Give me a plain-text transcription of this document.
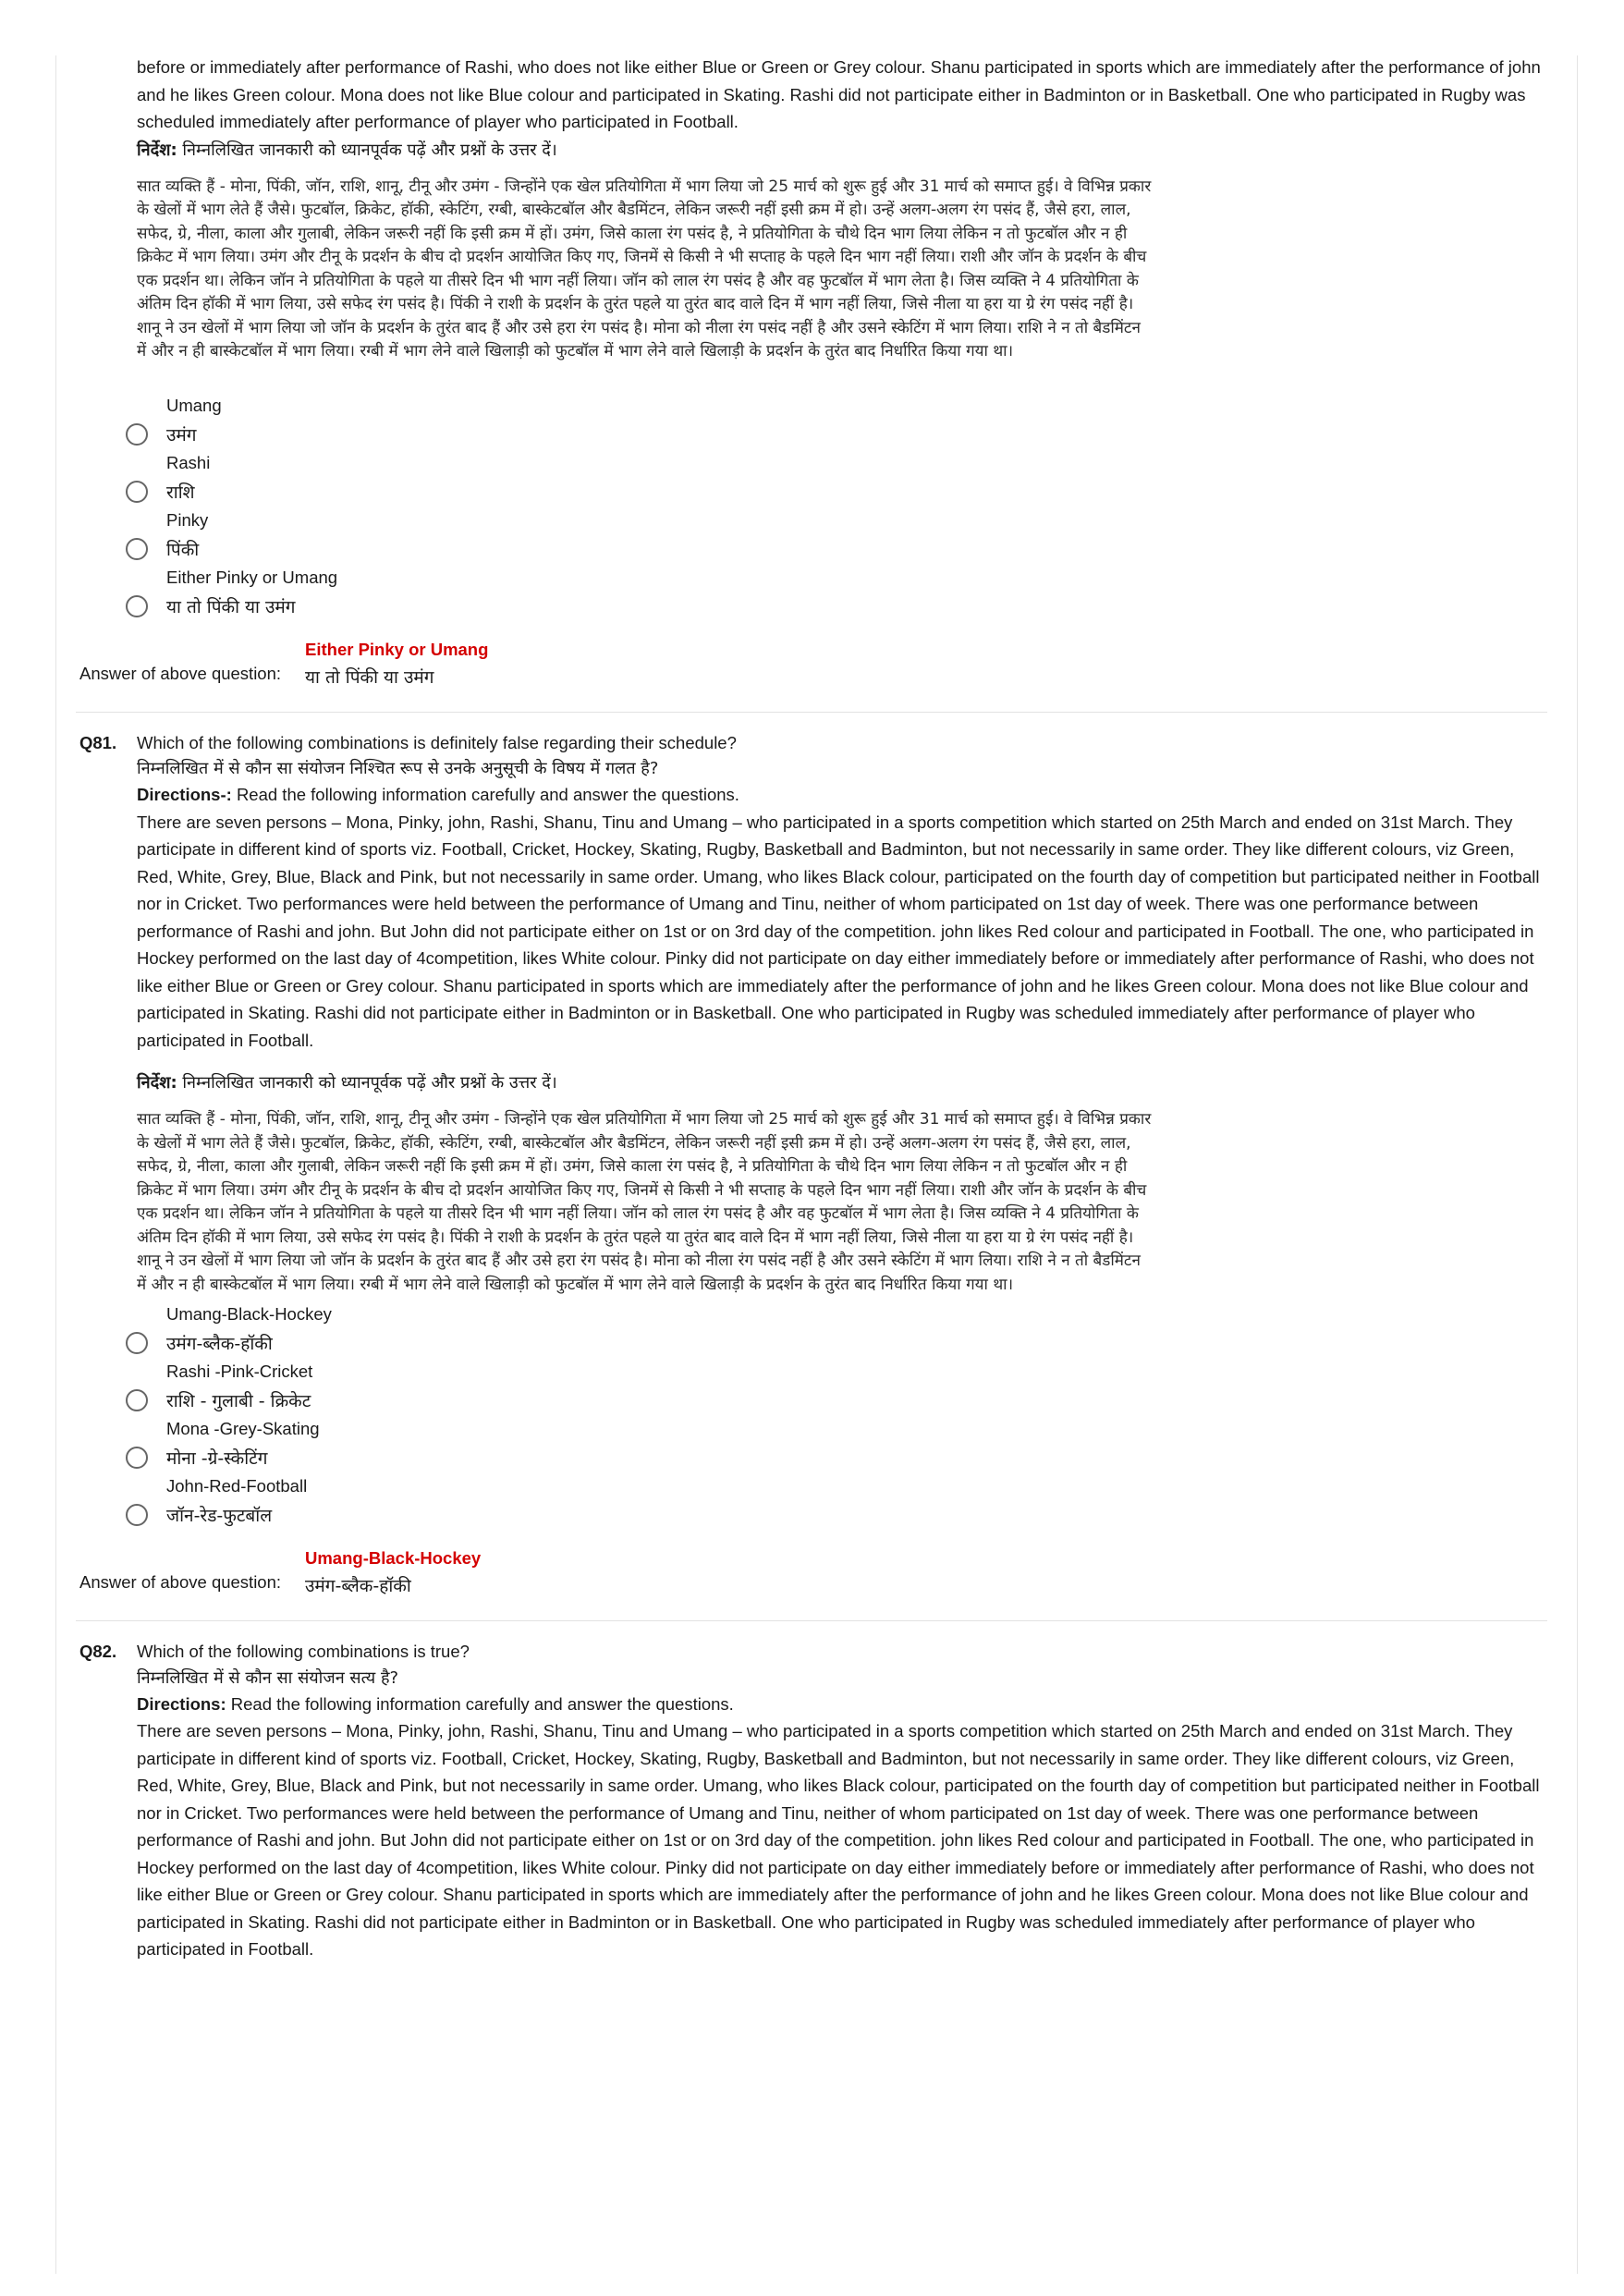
before or immediately after performance of Rashi, who does not like either Blue or Green or Grey colour. Shanu participated in sports which are immediately after the performance of john and he likes Green colour. Mona does not like Blue colour and participated in Skating. Rashi did not participate either in Badminton or in Basketball. One who participated in Rugby was scheduled immediately after performance of player who participated in Football.

निर्देश: निम्नलिखित जानकारी को ध्यानपूर्वक पढ़ें और प्रश्नों के उत्तर दें।

सात व्यक्ति हैं - मोना, पिंकी, जॉन, राशि, शानू, टीनू और उमंग - जिन्होंने एक खेल प्रतियोगिता में भाग लिया जो 25 मार्च को शुरू हुई और 31 मार्च को समाप्त हुई। वे विभिन्न प्रकार के खेलों में भाग लेते हैं जैसे। फुटबॉल, क्रिकेट, हॉकी, स्केटिंग, रग्बी, बास्केटबॉल और बैडमिंटन, लेकिन जरूरी नहीं इसी क्रम में हो। उन्हें अलग-अलग रंग पसंद हैं, जैसे हरा, लाल, सफेद, ग्रे, नीला, काला और गुलाबी, लेकिन जरूरी नहीं कि इसी क्रम में हों। उमंग, जिसे काला रंग पसंद है, ने प्रतियोगिता के चौथे दिन भाग लिया लेकिन न तो फुटबॉल और न ही क्रिकेट में भाग लिया। उमंग और टीनू के प्रदर्शन के बीच दो प्रदर्शन आयोजित किए गए, जिनमें से किसी ने भी सप्ताह के पहले दिन भाग नहीं लिया। राशी और जॉन के प्रदर्शन के बीच एक प्रदर्शन था। लेकिन जॉन ने प्रतियोगिता के पहले या तीसरे दिन भी भाग नहीं लिया। जॉन को लाल रंग पसंद है और वह फुटबॉल में भाग लेता है। जिस व्यक्ति ने 4 प्रतियोगिता के अंतिम दिन हॉकी में भाग लिया, उसे सफेद रंग पसंद है। पिंकी ने राशी के प्रदर्शन के तुरंत पहले या तुरंत बाद वाले दिन में भाग नहीं लिया, जिसे नीला या हरा या ग्रे रंग पसंद नहीं है। शानू ने उन खेलों में भाग लिया जो जॉन के प्रदर्शन के तुरंत बाद हैं और उसे हरा रंग पसंद है। मोना को नीला रंग पसंद नहीं है और उसने स्केटिंग में भाग लिया। राशि ने न तो बैडमिंटन में और न ही बास्केटबॉल में भाग लिया। रग्बी में भाग लेने वाले खिलाड़ी को फुटबॉल में भाग लेने वाले खिलाड़ी के प्रदर्शन के तुरंत बाद निर्धारित किया गया था।

Umang
उमंग
Rashi
राशि
Pinky
पिंकी
Either Pinky or Umang
या तो पिंकी या उमंग
Answer of above question:
Either Pinky or Umang
या तो पिंकी या उमंग
Q81.	Which of the following combinations is definitely false regarding their schedule?

निम्नलिखित में से कौन सा संयोजन निश्चित रूप से उनके अनुसूची के विषय में गलत है?

Directions-: Read the following information carefully and answer the questions.

There are seven persons – Mona, Pinky, john, Rashi, Shanu, Tinu and Umang – who participated in a sports competition which started on 25th March and ended on 31st March. They participate in different kind of sports viz. Football, Cricket, Hockey, Skating, Rugby, Basketball and Badminton, but not necessarily in same order. They like different colours, viz Green, Red, White, Grey, Blue, Black and Pink, but not necessarily in same order. Umang, who likes Black colour, participated on the fourth day of competition but participated neither in Football nor in Cricket. Two performances were held between the performance of Umang and Tinu, neither of whom participated on 1st day of week. There was one performance between performance of Rashi and john. But John did not participate either on 1st or on 3rd day of the competition. john likes Red colour and participated in Football. The one, who participated in Hockey performed on the last day of 4competition, likes White colour. Pinky did not participate on day either immediately before or immediately after performance of Rashi, who does not like either Blue or Green or Grey colour. Shanu participated in sports which are immediately after the performance of john and he likes Green colour. Mona does not like Blue colour and participated in Skating. Rashi did not participate either in Badminton or in Basketball. One who participated in Rugby was scheduled immediately after performance of player who participated in Football.

निर्देश: निम्नलिखित जानकारी को ध्यानपूर्वक पढ़ें और प्रश्नों के उत्तर दें।

सात व्यक्ति हैं - मोना, पिंकी, जॉन, राशि, शानू, टीनू और उमंग - जिन्होंने एक खेल प्रतियोगिता में भाग लिया जो 25 मार्च को शुरू हुई और 31 मार्च को समाप्त हुई। वे विभिन्न प्रकार के खेलों में भाग लेते हैं जैसे। फुटबॉल, क्रिकेट, हॉकी, स्केटिंग, रग्बी, बास्केटबॉल और बैडमिंटन, लेकिन जरूरी नहीं इसी क्रम में हो। उन्हें अलग-अलग रंग पसंद हैं, जैसे हरा, लाल, सफेद, ग्रे, नीला, काला और गुलाबी, लेकिन जरूरी नहीं कि इसी क्रम में हों। उमंग, जिसे काला रंग पसंद है, ने प्रतियोगिता के चौथे दिन भाग लिया लेकिन न तो फुटबॉल और न ही क्रिकेट में भाग लिया। उमंग और टीनू के प्रदर्शन के बीच दो प्रदर्शन आयोजित किए गए, जिनमें से किसी ने भी सप्ताह के पहले दिन भाग नहीं लिया। राशी और जॉन के प्रदर्शन के बीच एक प्रदर्शन था। लेकिन जॉन ने प्रतियोगिता के पहले या तीसरे दिन भी भाग नहीं लिया। जॉन को लाल रंग पसंद है और वह फुटबॉल में भाग लेता है। जिस व्यक्ति ने 4 प्रतियोगिता के अंतिम दिन हॉकी में भाग लिया, उसे सफेद रंग पसंद है। पिंकी ने राशी के प्रदर्शन के तुरंत पहले या तुरंत बाद वाले दिन में भाग नहीं लिया, जिसे नीला या हरा या ग्रे रंग पसंद नहीं है। शानू ने उन खेलों में भाग लिया जो जॉन के प्रदर्शन के तुरंत बाद हैं और उसे हरा रंग पसंद है। मोना को नीला रंग पसंद नहीं है और उसने स्केटिंग में भाग लिया। राशि ने न तो बैडमिंटन में और न ही बास्केटबॉल में भाग लिया। रग्बी में भाग लेने वाले खिलाड़ी को फुटबॉल में भाग लेने वाले खिलाड़ी के प्रदर्शन के तुरंत बाद निर्धारित किया गया था।

Umang-Black-Hockey
उमंग-ब्लैक-हॉकी
Rashi -Pink-Cricket
राशि - गुलाबी - क्रिकेट
Mona -Grey-Skating
मोना -ग्रे-स्केटिंग
John-Red-Football
जॉन-रेड-फुटबॉल
Answer of above question:
Umang-Black-Hockey
उमंग-ब्लैक-हॉकी
Q82.	Which of the following combinations is true?

निम्नलिखित में से कौन सा संयोजन सत्य है?

Directions: Read the following information carefully and answer the questions.

There are seven persons – Mona, Pinky, john, Rashi, Shanu, Tinu and Umang – who participated in a sports competition which started on 25th March and ended on 31st March. They participate in different kind of sports viz. Football, Cricket, Hockey, Skating, Rugby, Basketball and Badminton, but not necessarily in same order. They like different colours, viz Green, Red, White, Grey, Blue, Black and Pink, but not necessarily in same order. Umang, who likes Black colour, participated on the fourth day of competition but participated neither in Football nor in Cricket. Two performances were held between the performance of Umang and Tinu, neither of whom participated on 1st day of week. There was one performance between performance of Rashi and john. But John did not participate either on 1st or on 3rd day of the competition. john likes Red colour and participated in Football. The one, who participated in Hockey performed on the last day of 4competition, likes White colour. Pinky did not participate on day either immediately before or immediately after performance of Rashi, who does not like either Blue or Green or Grey colour. Shanu participated in sports which are immediately after the performance of john and he likes Green colour. Mona does not like Blue colour and participated in Skating. Rashi did not participate either in Badminton or in Basketball. One who participated in Rugby was scheduled immediately after performance of player who participated in Football.
